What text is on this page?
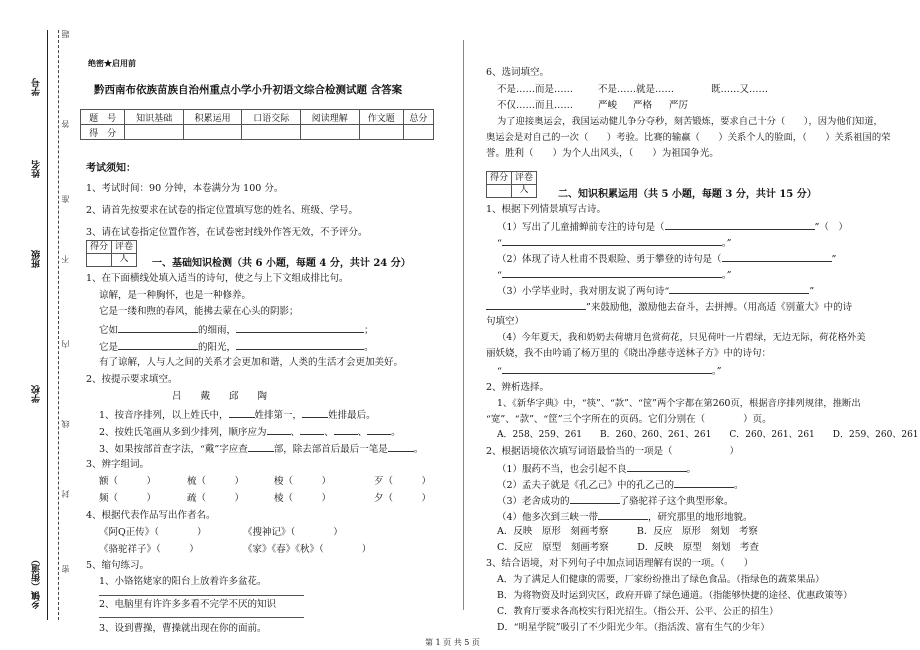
学号
姓名
班级
学校
乡镇（街道）
题
答
准
不
内
线
封
密
绝密★启用前
黔西南布依族苗族自治州重点小学小升初语文综合检测试题 含答案
题　号	知识基础	积累运用	口语交际	阅读理解	作文题	总分
得　分						
考试须知：
1、考试时间：90 分钟，本卷满分为 100 分。
2、请首先按要求在试卷的指定位置填写您的姓名、班级、学号。
3、请在试卷指定位置作答，在试卷密封线外作答无效，不予评分。
得分 评卷人	一、基础知识检测（共 6 小题，每题 4 分，共计 24 分）
1、在下面横线处填入适当的诗句，使之与上下文组成排比句。
谅解，是一种胸怀，也是一种修养。
它是一缕和煦的春风，能拂去蒙在心头的阴影；
它如	的细雨，	；
它是	的阳光，	。
有了谅解，人与人之间的关系才会更加和谐，人类的生活才会更加美好。
2、按提示要求填空。
吕　　戴　　邱　　陶
1、按音序排列，以上姓氏中，	姓排第一，	姓排最后。
2、按姓氏笔画从多到少排列，顺序应为	、	、	、	。
3、如果按部首查字法，“戴”字应查	部，除去部首后最后一笔是	。
3、辨字组词。
额（　　　）	梳（　　　）	梭（　　　）	歹（　　　）
频（　　　）	疏（　　　）	棱（　　　）	夕（　　　）
4、根据代表作品写出作者名。
《阿Q正传》（　　　　）	《搜神记》（　　　　）
《骆驼祥子》（　　　）	《家》《春》《秋》（　　　　）
5、缩句练习。
1、小铬铭姥家的阳台上放着许多盆花。
2、电脑里有许许多多看不完学不厌的知识
3、设到曹操，曹操就出现在你的面前。
6、选词填空。
不是……而是……	不是……就是……	既……又……
不仅……而且……	严峻 严格 严厉
为了迎接奥运会，我国运动健儿争分夺秒，刻苦锻炼，要求自己十分（　　），因为他们知道，
奥运会是对自己的一次（　　）考验。比赛的输赢（　　）关系个人的脸面，（　　）关系祖国的荣
誉。胜利（　　）为个人出风头，（　　）为祖国争光。
得分 评卷人	二、知识积累运用（共 5 小题，每题 3 分，共计 15 分）
1、根据下列情景填写古诗。
（1）写出了儿童捕蝉前专注的诗句是（	”（　）
“	。”
（2）体现了诗人杜甫不畏艰险、勇于攀登的诗句是（	”
“	。”
（3）小学毕业时，我对朋友说了两句诗“	”
”来鼓励他，激励他去奋斗，去拼搏。（用高适《别董大》中的诗
句填空）
（4）今年夏天，我和奶奶去荷塘月色赏荷花，只见荷叶一片碧绿，无边无际，荷花格外美
丽妖娆，我不由吟诵了杨万里的《晓出净慈寺送林子方》中的诗句：
“	。”
2、辨析选择。
1、《新华字典》中，“筷”、“款”、“筐”两个字都在第260页，根据音序排列规律，推断出
“宽”、“款”、“筐”三个字所在的页码。它们分别在（　　　　）页。
A．258、259、261　　B．260、260、261、261　　C．260、261、261　　D．259、260、261
2、根据语境依次填写词语最恰当的一项是（　　　　　　）
（1）服药不当，也会引起不良	。
（2）孟夫子就是《孔乙己》中的孔乙己的	。
（3）老舍成功的	了骆驼祥子这个典型形象。
（4）他多次到三峡一带	，研究那里的地形地貌。
A．反映　原形　刻画考察　　　B．反应　原形　刻划　考察
C．反应　原型　刻画考察　　　D．反映　原型　刻划　考查
3、结合语境，对下列句子中加点词语理解有误的一项。（　　）
A．为了满足人们健康的需要，厂家纷纷推出了绿色食品。（指绿色的蔬菜果品）
B．为将物资及时运到灾区，政府开辟了绿色通道。（指能够快捷的途径、优惠政策等）
C．教育厅要求各高校实行阳光招生。（指公开、公平、公正的招生）
D．“明星学院”吸引了不少阳光少年。（指活泼、富有生气的少年）
第 1 页 共 5 页
